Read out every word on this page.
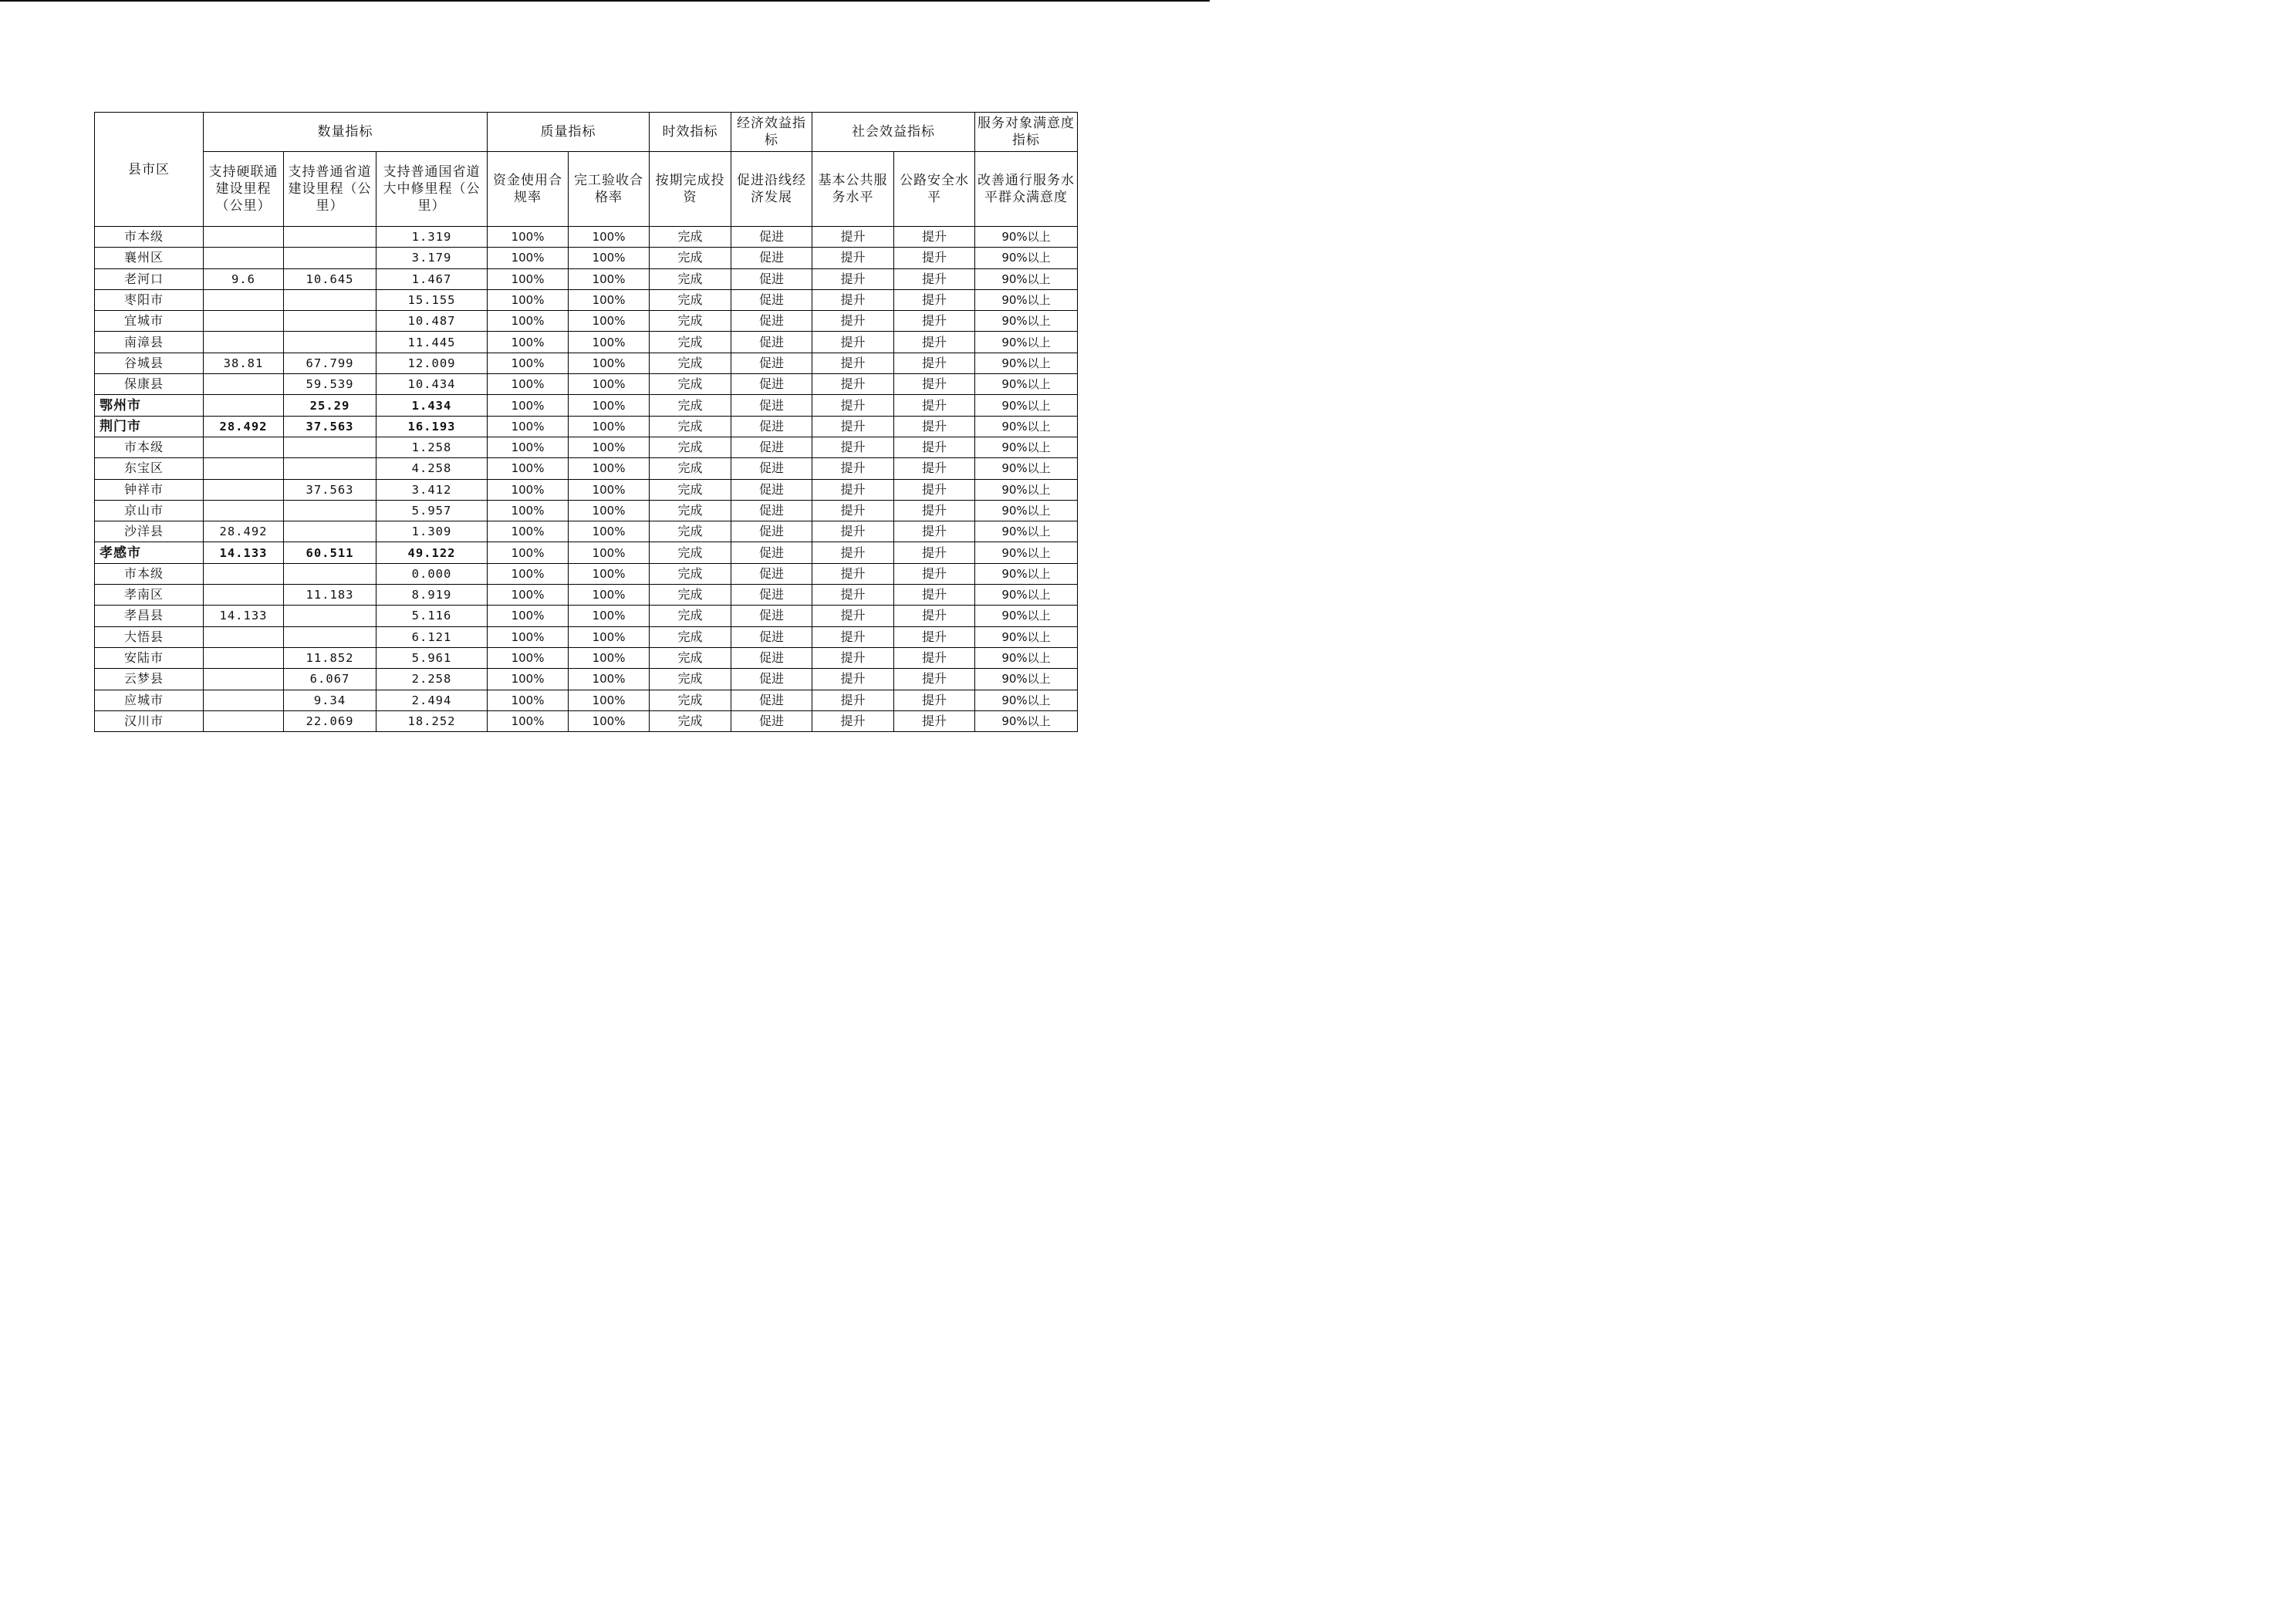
县市区	数量指标			质量指标		时效指标	经济效益指标	社会效益指标		服务对象满意度指标
	支持硬联通建设里程（公里）	支持普通省道建设里程（公里）	支持普通国省道大中修里程（公里）	资金使用合规率	完工验收合格率	按期完成投资	促进沿线经济发展	基本公共服务水平	公路安全水平	改善通行服务水平群众满意度
市本级			1.319	100%	100%	完成	促进	提升	提升	90%以上
襄州区			3.179	100%	100%	完成	促进	提升	提升	90%以上
老河口	9.6	10.645	1.467	100%	100%	完成	促进	提升	提升	90%以上
枣阳市			15.155	100%	100%	完成	促进	提升	提升	90%以上
宜城市			10.487	100%	100%	完成	促进	提升	提升	90%以上
南漳县			11.445	100%	100%	完成	促进	提升	提升	90%以上
谷城县	38.81	67.799	12.009	100%	100%	完成	促进	提升	提升	90%以上
保康县		59.539	10.434	100%	100%	完成	促进	提升	提升	90%以上
鄂州市		25.29	1.434	100%	100%	完成	促进	提升	提升	90%以上
荆门市	28.492	37.563	16.193	100%	100%	完成	促进	提升	提升	90%以上
市本级			1.258	100%	100%	完成	促进	提升	提升	90%以上
东宝区			4.258	100%	100%	完成	促进	提升	提升	90%以上
钟祥市		37.563	3.412	100%	100%	完成	促进	提升	提升	90%以上
京山市			5.957	100%	100%	完成	促进	提升	提升	90%以上
沙洋县	28.492		1.309	100%	100%	完成	促进	提升	提升	90%以上
孝感市	14.133	60.511	49.122	100%	100%	完成	促进	提升	提升	90%以上
市本级			0.000	100%	100%	完成	促进	提升	提升	90%以上
孝南区		11.183	8.919	100%	100%	完成	促进	提升	提升	90%以上
孝昌县	14.133		5.116	100%	100%	完成	促进	提升	提升	90%以上
大悟县			6.121	100%	100%	完成	促进	提升	提升	90%以上
安陆市		11.852	5.961	100%	100%	完成	促进	提升	提升	90%以上
云梦县		6.067	2.258	100%	100%	完成	促进	提升	提升	90%以上
应城市		9.34	2.494	100%	100%	完成	促进	提升	提升	90%以上
汉川市		22.069	18.252	100%	100%	完成	促进	提升	提升	90%以上
